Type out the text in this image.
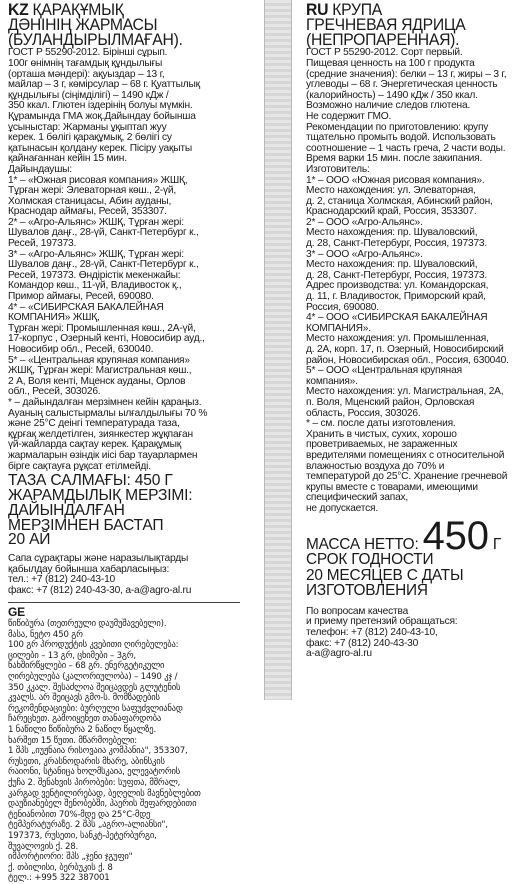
KZ ҚАРАҚҰМЫҚ
ДӘНІНІҢ ЖАРМАСЫ
(БУЛАНДЫРЫЛМАҒАН).
ГОСТ Р 55290-2012. Бірінші сұрып.
100г өнімнің тағамдық құндылығы
(орташа мәндері): ақуыздар – 13 г,
майлар – 3 г, көмірсулар – 68 г. Қуаттылық
құндылығы (сіңімділігі) – 1490 кДж /
350 ккал. Глютен іздерінің болуы мүмкін.
Құрамында ГМА жоқ.Дайындау бойынша
ұсыныстар: Жарманы ұқыптап жуу
керек. 1 бөлігі қарақұмық, 2 бөлігі су
қатынасын қолдану керек. Пісіру уақыты
қайнағаннан кейін 15 мин.
Дайындаушы:
1* – «Южная рисовая компания» ЖШҚ,
Тұрған жері: Элеваторная көш., 2-үй,
Холмская станицасы, Абин ауданы,
Краснодар аймағы, Ресей, 353307.
2* – «Агро-Альянс» ЖШҚ, Тұрған жері:
Шувалов даңғ., 28-үй, Санкт-Петербург к.,
Ресей, 197373.
3* – «Агро-Альянс» ЖШҚ, Тұрған жері:
Шувалов даңғ., 28-үй, Санкт-Петербург к.,
Ресей, 197373. Өндірістік мекенжайы:
Командор көш., 11-үй, Владивосток қ.,
Примор аймағы, Ресей, 690080.
4* – «СИБИРСКАЯ БАКАЛЕЙНАЯ
КОМПАНИЯ» ЖШҚ,
Тұрған жері: Промышленная көш., 2А-үй,
17-корпус , Озерный кенті, Новосибир ауд.,
Новосибир обл., Ресей, 630040.
5* – «Центральная крупяная компания»
ЖШҚ, Тұрған жері: Магистральная көш.,
2 А, Воля кенті, Мценск ауданы, Орлов
обл., Ресей, 303026.
* – дайындалған мерзімнен кейін қараңыз.
Ауаның салыстырмалы ылғалдылығы 70 %
және 25°С деінгі температурада таза,
құрғақ желдетілген, зиянкестер жұқпаған
үй-жайларда сақтау керек. Қарақұмық
жармаларын өзіндік иісі бар тауарлармен
бірге сақтауға рұқсат етілмейді.
ТАЗА САЛМАҒЫ: 450 Г
ЖАРАМДЫЛЫҚ МЕРЗІМІ:
ДАЙЫНДАЛҒАН
МЕРЗІМНЕН БАСТАП
20 АЙ
Сапа сұрақтары және наразылықтарды
қабылдау бойынша хабарласыңыз:
тел.: +7 (812) 240-43-10
факс: +7 (812) 240-43-30, a-a@agro-al.ru
GE
წიწიბურა (თეთრეული დაუმუშავებელი).
მასა, ნეტო 450 გრ
100 გრ პროდუქტის კვებითი ღირებულება:
ცილები – 13 გრ, ცხიმები – 3გრ,
ნახშირწყლები – 68 გრ. ენერგეტიკული
ღირებულება (კალორიულობა) – 1490 კჯ /
350 კკალ. შესაძლოა შეიცავდეს გლუტენის
კვალს. არ შეიცავს გმო-ს. მომზადების
რეკომენდაციები: ბურღული საფუძვლიანად
ჩარეცხეთ. გამოიყენეთ თანაფარდობა
1 ნაწილი წიწიბურა 2 ნაწილ წყალზე.
ხარშეთ 15 წუთი. მწარმოებელი:
1 შპს „იუჟნაია რისოვაია კომპანია", 353307,
რუსეთი, კრასნოდარის მხარე, აბინსკის
რაიონი, სტანიცა ხოლმსკაია, ელევატორის
ქუჩა 2. შენახვის პირობები: სუფთა, მშრალ,
კარგად ვენტილირებად, ბეღელის მავნებლებით
დაუზიანებელ შენობებში, ჰაერის შეფარდებითი
ტენიანობით 70%-მდე და 25°C-მდე
ტემპერატურაზე. 2 შპს „აგრო-ალიანსი",
197373, რუსეთი, სანკტ-პეტერბურგი,
შუვალოვის ქ. 28.
იმპორტიორი: შპს „ჯენი ჯგუფი"
ქ. თბილისი, ბერბუკის ქ. 8
ტელ.: +995 322 387001
RU КРУПА
ГРЕЧНЕВАЯ ЯДРИЦА
(НЕПРОПАРЕННАЯ).
ГОСТ Р 55290-2012. Сорт первый.
Пищевая ценность на 100 г продукта
(средние значения): белки – 13 г, жиры – 3 г,
углеводы – 68 г. Энергетическая ценность
(калорийность) – 1490 кДж / 350 ккал.
Возможно наличие следов глютена.
Не содержит ГМО.
Рекомендации по приготовлению: крупу
тщательно промыть водой. Использовать
соотношение – 1 часть греча, 2 части воды.
Время варки 15 мин. после закипания.
Изготовитель:
1* – ООО «Южная рисовая компания».
Место нахождения: ул. Элеваторная,
д. 2, станица Холмская, Абинский район,
Краснодарский край, Россия, 353307.
2* – ООО «Агро-Альянс».
Место нахождения: пр. Шуваловский,
д. 28, Санкт-Петербург, Россия, 197373.
3* – ООО «Агро-Альянс».
Место нахождения: пр. Шуваловский,
д. 28, Санкт-Петербург, Россия, 197373.
Адрес производства: ул. Командорская,
д. 11, г. Владивосток, Приморский край,
Россия, 690080.
4* – ООО «СИБИРСКАЯ БАКАЛЕЙНАЯ
КОМПАНИЯ».
Место нахождения: ул. Промышленная,
д. 2А, корп. 17, п. Озерный, Новосибирский
район, Новосибирская обл., Россия, 630040.
5* – ООО «Центральная крупяная
компания».
Место нахождения: ул. Магистральная, 2А,
п. Воля, Мценский район, Орловская
область, Россия, 303026.
* – см. после даты изготовления.
Хранить в чистых, сухих, хорошо
проветриваемых, не зараженных
вредителями помещениях с относительной
влажностью воздуха до 70% и
температурой до 25°С. Хранение гречневой
крупы вместе с товарами, имеющими
специфический запах,
не допускается.
МАССА НЕТТО: 450 Г
СРОК ГОДНОСТИ
20 МЕСЯЦЕВ С ДАТЫ
ИЗГОТОВЛЕНИЯ
По вопросам качества
и приему претензий обращаться:
телефон: +7 (812) 240-43-10,
факс: +7 (812) 240-43-30
a-a@agro-al.ru
